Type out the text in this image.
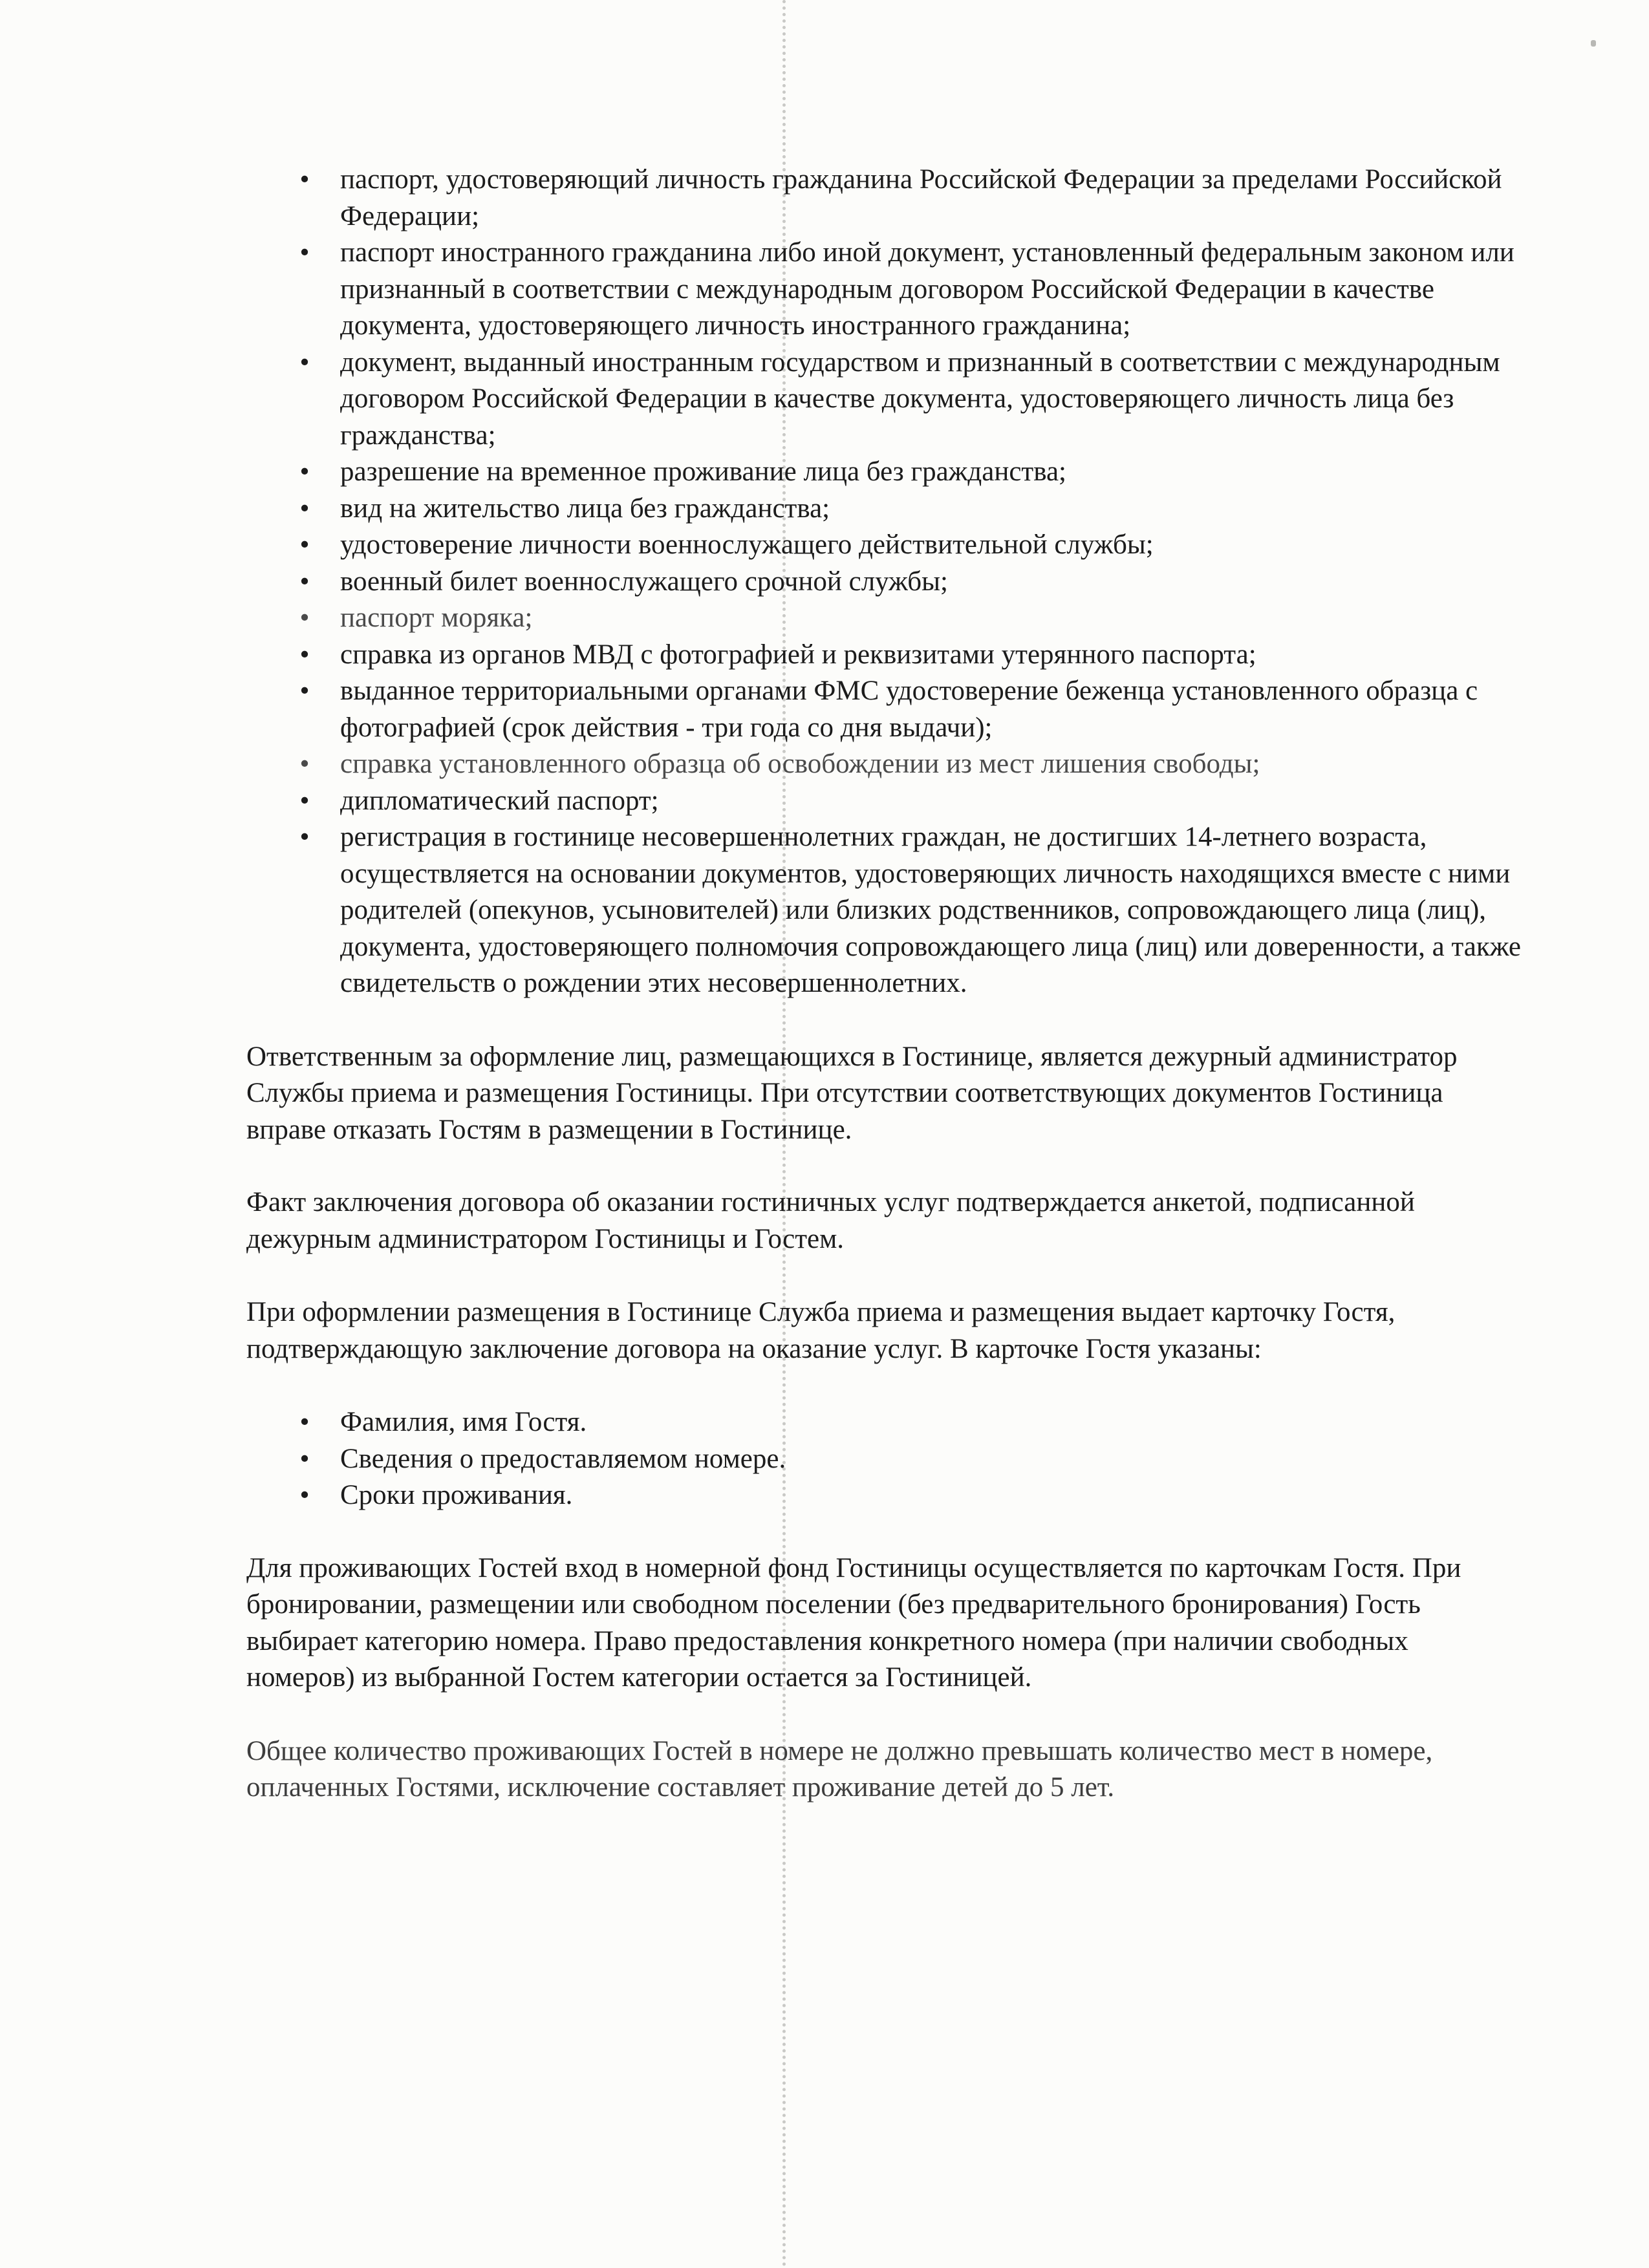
• паспорт, удостоверяющий личность гражданина Российской Федерации за пределами Российской Федерации;
• паспорт иностранного гражданина либо иной документ, установленный федеральным законом или признанный в соответствии с международным договором Российской Федерации в качестве документа, удостоверяющего личность иностранного гражданина;
• документ, выданный иностранным государством и признанный в соответствии с международным договором Российской Федерации в качестве документа, удостоверяющего личность лица без гражданства;
• разрешение на временное проживание лица без гражданства;
• вид на жительство лица без гражданства;
• удостоверение личности военнослужащего действительной службы;
• военный билет военнослужащего срочной службы;
• паспорт моряка;
• справка из органов МВД с фотографией и реквизитами утерянного паспорта;
• выданное территориальными органами ФМС удостоверение беженца установленного образца с фотографией (срок действия - три года со дня выдачи);
• справка установленного образца об освобождении из мест лишения свободы;
• дипломатический паспорт;
• регистрация в гостинице несовершеннолетних граждан, не достигших 14-летнего возраста, осуществляется на основании документов, удостоверяющих личность находящихся вместе с ними родителей (опекунов, усыновителей) или близких родственников, сопровождающего лица (лиц), документа, удостоверяющего полномочия сопровождающего лица (лиц) или доверенности, а также свидетельств о рождении этих несовершеннолетних.

Ответственным за оформление лиц, размещающихся в Гостинице, является дежурный администратор Службы приема и размещения Гостиницы. При отсутствии соответствующих документов Гостиница вправе отказать Гостям в размещении в Гостинице.

Факт заключения договора об оказании гостиничных услуг подтверждается анкетой, подписанной дежурным администратором Гостиницы и Гостем.

При оформлении размещения в Гостинице Служба приема и размещения выдает карточку Гостя, подтверждающую заключение договора на оказание услуг. В карточке Гостя указаны:

• Фамилия, имя Гостя.
• Сведения о предоставляемом номере.
• Сроки проживания.

Для проживающих Гостей вход в номерной фонд Гостиницы осуществляется по карточкам Гостя. При бронировании, размещении или свободном поселении (без предварительного бронирования) Гость выбирает категорию номера. Право предоставления конкретного номера (при наличии свободных номеров) из выбранной Гостем категории остается за Гостиницей.

Общее количество проживающих Гостей в номере не должно превышать количество мест в номере, оплаченных Гостями, исключение составляет проживание детей до 5 лет.
